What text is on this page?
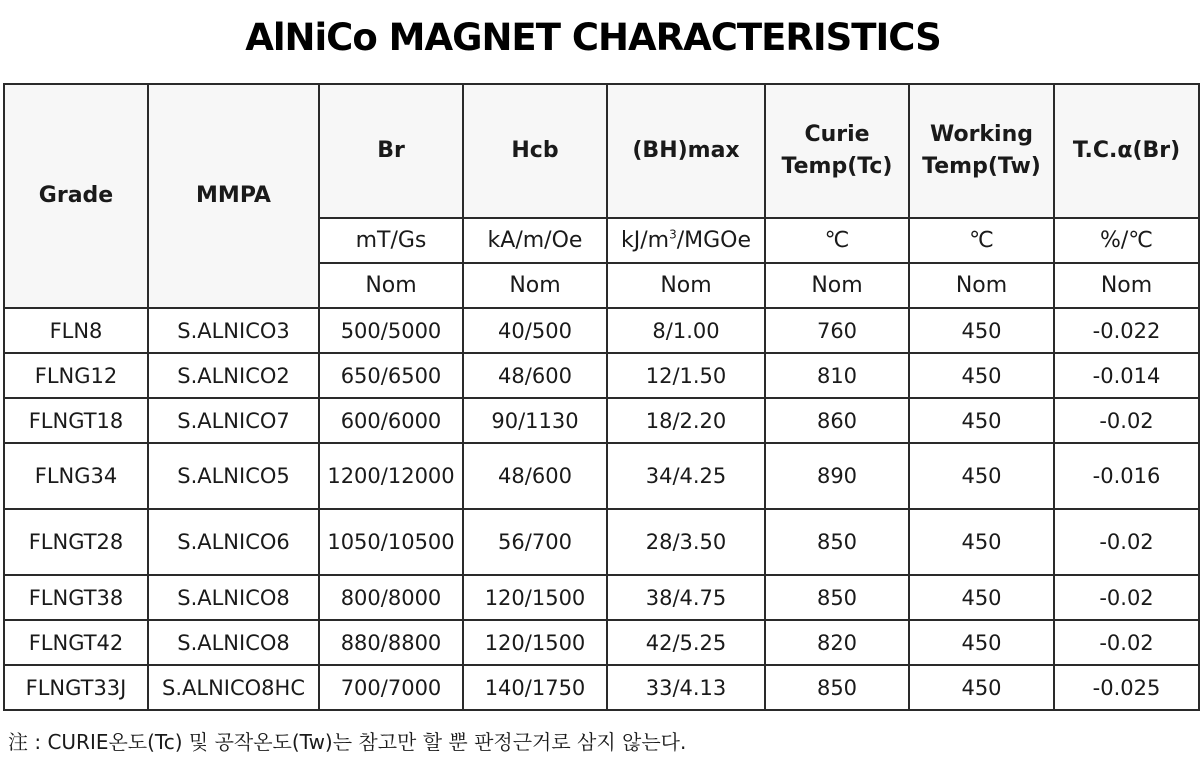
AlNiCo MAGNET CHARACTERISTICS
Grade	MMPA	Br	Hcb	(BH)max	Curie Temp(Tc)	Working Temp(Tw)	T.C.α(Br)
		mT/Gs	kA/m/Oe	$kJ/m^3$/MGOe	℃	℃	%/℃
		Nom	Nom	Nom	Nom	Nom	Nom
FLN8	S.ALNICO3	500/5000	40/500	8/1.00	760	450	-0.022
FLNG12	S.ALNICO2	650/6500	48/600	12/1.50	810	450	-0.014
FLNGT18	S.ALNICO7	600/6000	90/1130	18/2.20	860	450	-0.02
FLNG34	S.ALNICO5	1200/12000	48/600	34/4.25	890	450	-0.016
FLNGT28	S.ALNICO6	1050/10500	56/700	28/3.50	850	450	-0.02
FLNGT38	S.ALNICO8	800/8000	120/1500	38/4.75	850	450	-0.02
FLNGT42	S.ALNICO8	880/8800	120/1500	42/5.25	820	450	-0.02
FLNGT33J	S.ALNICO8HC	700/7000	140/1750	33/4.13	850	450	-0.025
注 : CURIE온도(Tc) 및 공작온도(Tw)는 참고만 할 뿐 판정근거로 삼지 않는다.
